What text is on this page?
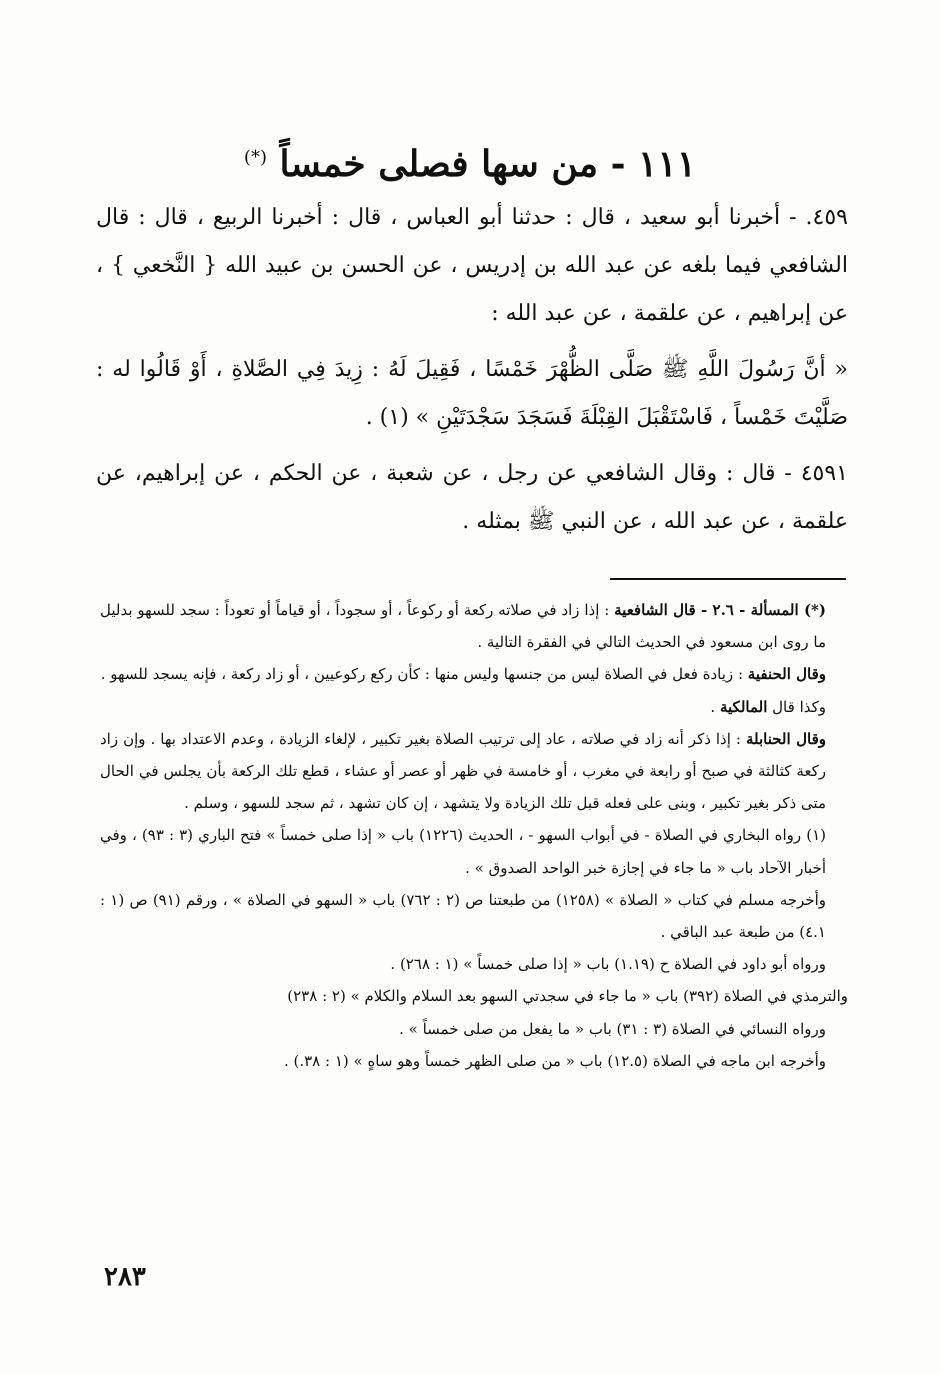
١١١ - من سها فصلى خمساً (*)

٤٥٩. - أخبرنا أبو سعيد ، قال : حدثنا أبو العباس ، قال : أخبرنا الربيع ، قال : قال الشافعي فيما بلغه عن عبد الله بن إدريس ، عن الحسن بن عبيد الله { النَّخعي } ، عن إبراهيم ، عن علقمة ، عن عبد الله :

« أنَّ رَسُولَ اللَّهِ ﷺ صَلَّى الظُّهْرَ خَمْسًا ، فَقِيلَ لَهُ : زِيدَ فِي الصَّلاةِ ، أَوْ قَالُوا له : صَلَّيْتَ خَمْساً ، فَاسْتَقْبَلَ القِبْلَةَ فَسَجَدَ سَجْدَتَيْنِ » (١) .

٤٥٩١ - قال : وقال الشافعي عن رجل ، عن شعبة ، عن الحكم ، عن إبراهيم، عن علقمة ، عن عبد الله ، عن النبي ﷺ بمثله .

(*) المسألة - ٢.٦ - قال الشافعية : إذا زاد في صلاته ركعة أو ركوعاً ، أو سجوداً ، أو قياماً أو تعوداً : سجد للسهو بدليل ما روى ابن مسعود في الحديث التالي في الفقرة التالية .

وقال الحنفية : زيادة فعل في الصلاة ليس من جنسها وليس منها : كأن ركع ركوعيين ، أو زاد ركعة ، فإنه يسجد للسهو .

وكذا قال المالكية .

وقال الحنابلة : إذا ذكر أنه زاد في صلاته ، عاد إلى ترتيب الصلاة بغير تكبير ، لإلغاء الزيادة ، وعدم الاعتداد بها . وإن زاد ركعة كثالثة في صبح أو رابعة في مغرب ، أو خامسة في ظهر أو عصر أو عشاء ، قطع تلك الركعة بأن يجلس في الحال متى ذكر بغير تكبير ، وبنى على فعله قبل تلك الزيادة ولا يتشهد ، إن كان تشهد ، ثم سجد للسهو ، وسلم .

(١) رواه البخاري في الصلاة - في أبواب السهو - ، الحديث (١٢٢٦) باب « إذا صلى خمساً » فتح الباري (٣ : ٩٣) ، وفي أخبار الآحاد باب « ما جاء في إجازة خبر الواحد الصدوق » .

وأخرجه مسلم في كتاب « الصلاة » (١٢٥٨) من طبعتنا ص (٢ : ٧٦٢) باب « السهو في الصلاة » ، ورقم (٩١) ص (١ : ٤.١) من طبعة عبد الباقي .

ورواه أبو داود في الصلاة ح (١.١٩) باب « إذا صلى خمساً » (١ : ٢٦٨) .

والترمذي في الصلاة (٣٩٢) باب « ما جاء في سجدتي السهو بعد السلام والكلام » (٢ : ٢٣٨)

ورواه النسائي في الصلاة (٣ : ٣١) باب « ما يفعل من صلى خمساً » .

وأخرجه ابن ماجه في الصلاة (١٢.٥) باب « من صلى الظهر خمساً وهو ساهٍ » (١ : ٣٨.) .

٢٨٣
